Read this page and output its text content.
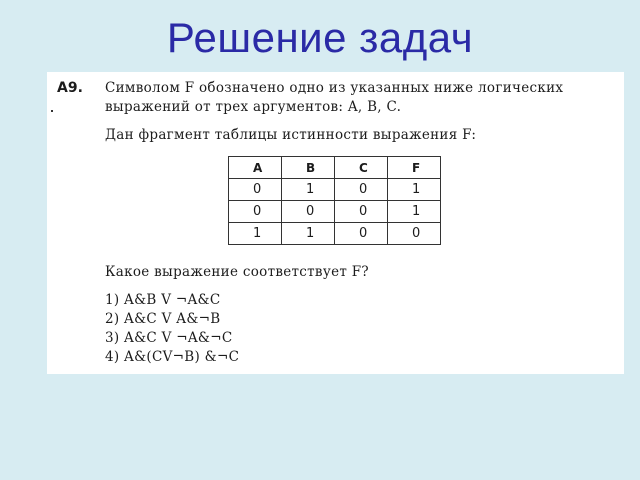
Решение задач
A9. Символом F обозначено одно из указанных ниже логических
выражений от трех аргументов: A, B, C.
Дан фрагмент таблицы истинности выражения F:
A	B	C	F
0	1	0	1
0	0	0	1
1	1	0	0
Какое выражение соответствует F?
1) A&B V ¬A&C
2) A&C V A&¬B
3) A&C V ¬A&¬C
4) A&(CV¬B) &¬C
